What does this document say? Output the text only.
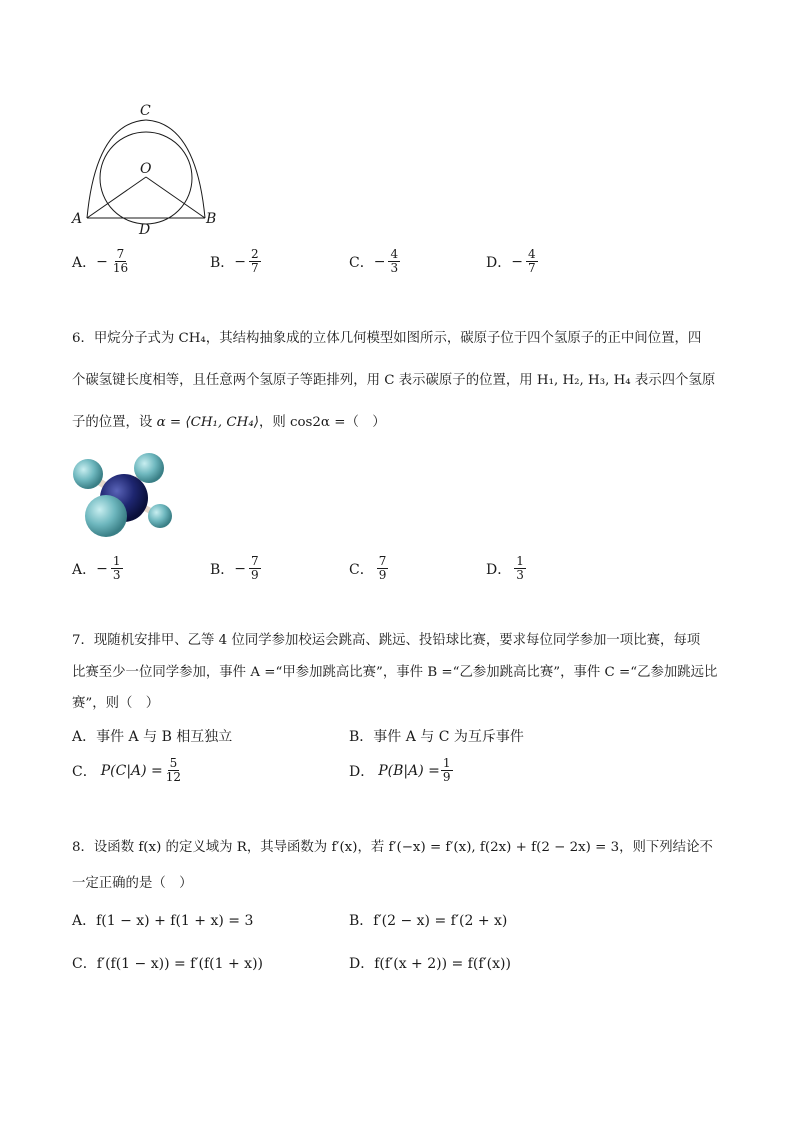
C
O
A
D
B
A． − $\frac{7}{16}$	B． − $\frac{2}{7}$	C． − $\frac{4}{3}$	D． − $\frac{4}{7}$
6．甲烷分子式为 CH₄，其结构抽象成的立体几何模型如图所示，碳原子位于四个氢原子的正中间位置，四
个碳氢键长度相等，且任意两个氢原子等距排列，用 C 表示碳原子的位置，用 H₁, H₂, H₃, H₄ 表示四个氢原
子的位置，设 α = ⟨CH₁, CH₄⟩，则 cos2α =（　）
A． − $\frac{1}{3}$	B． − $\frac{7}{9}$	C． $\frac{7}{9}$	D． $\frac{1}{3}$
7．现随机安排甲、乙等 4 位同学参加校运会跳高、跳远、投铅球比赛，要求每位同学参加一项比赛，每项
比赛至少一位同学参加，事件 A =“甲参加跳高比赛”，事件 B =“乙参加跳高比赛”，事件 C =“乙参加跳远比
赛”，则（　）
A．事件 A 与 B 相互独立	B．事件 A 与 C 为互斥事件
C． $P(C|A) = \frac{5}{12}$	D． $P(B|A) = \frac{1}{9}$
8．设函数 f(x) 的定义域为 R，其导函数为 f′(x)，若 f′(−x) = f′(x), f(2x) + f(2 − 2x) = 3，则下列结论不
一定正确的是（　）
A．f(1 − x) + f(1 + x) = 3	B．f′(2 − x) = f′(2 + x)
C．f′(f(1 − x)) = f′(f(1 + x))	D．f(f′(x + 2)) = f(f′(x))
